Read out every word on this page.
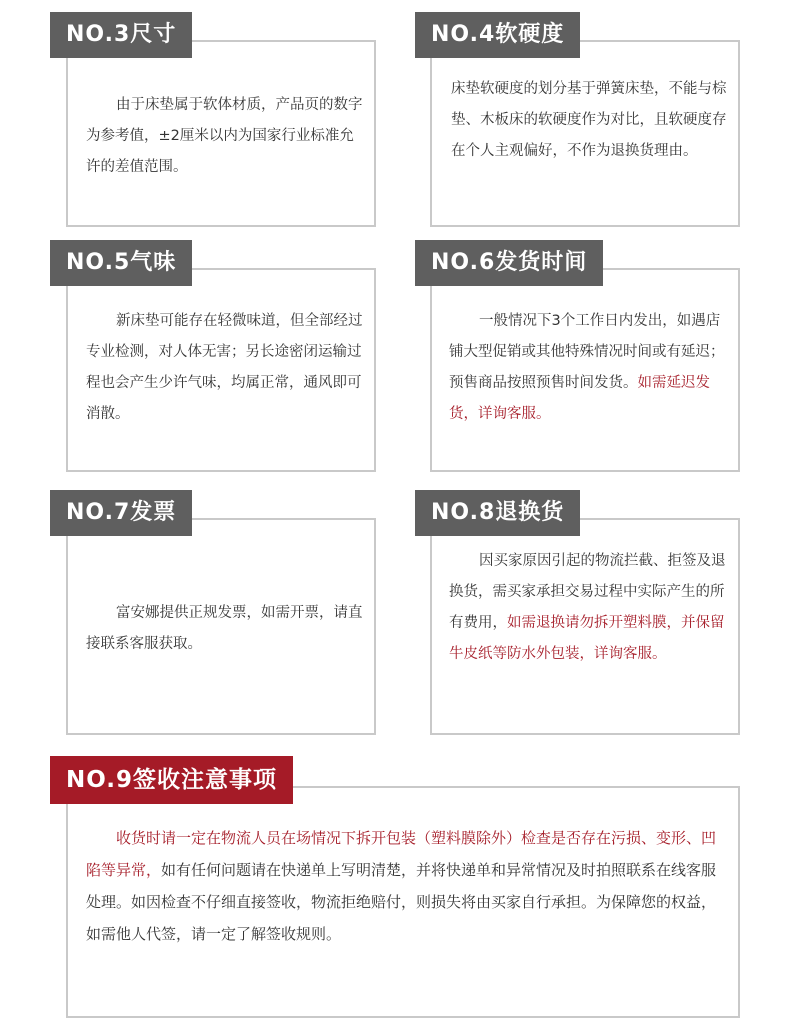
NO.3尺寸
由于床垫属于软体材质，产品页的数字为参考值，±2厘米以内为国家行业标准允许的差值范围。
NO.4软硬度
床垫软硬度的划分基于弹簧床垫，不能与棕垫、木板床的软硬度作为对比，且软硬度存在个人主观偏好，不作为退换货理由。
NO.5气味
新床垫可能存在轻微味道，但全部经过专业检测，对人体无害；另长途密闭运输过程也会产生少许气味，均属正常，通风即可消散。
NO.6发货时间
一般情况下3个工作日内发出，如遇店铺大型促销或其他特殊情况时间或有延迟；预售商品按照预售时间发货。如需延迟发货，详询客服。
NO.7发票
富安娜提供正规发票，如需开票，请直接联系客服获取。
NO.8退换货
因买家原因引起的物流拦截、拒签及退换货，需买家承担交易过程中实际产生的所有费用，如需退换请勿拆开塑料膜，并保留牛皮纸等防水外包装，详询客服。
NO.9签收注意事项
收货时请一定在物流人员在场情况下拆开包装（塑料膜除外）检查是否存在污损、变形、凹陷等异常，如有任何问题请在快递单上写明清楚，并将快递单和异常情况及时拍照联系在线客服处理。如因检查不仔细直接签收，物流拒绝赔付，则损失将由买家自行承担。为保障您的权益，如需他人代签，请一定了解签收规则。
